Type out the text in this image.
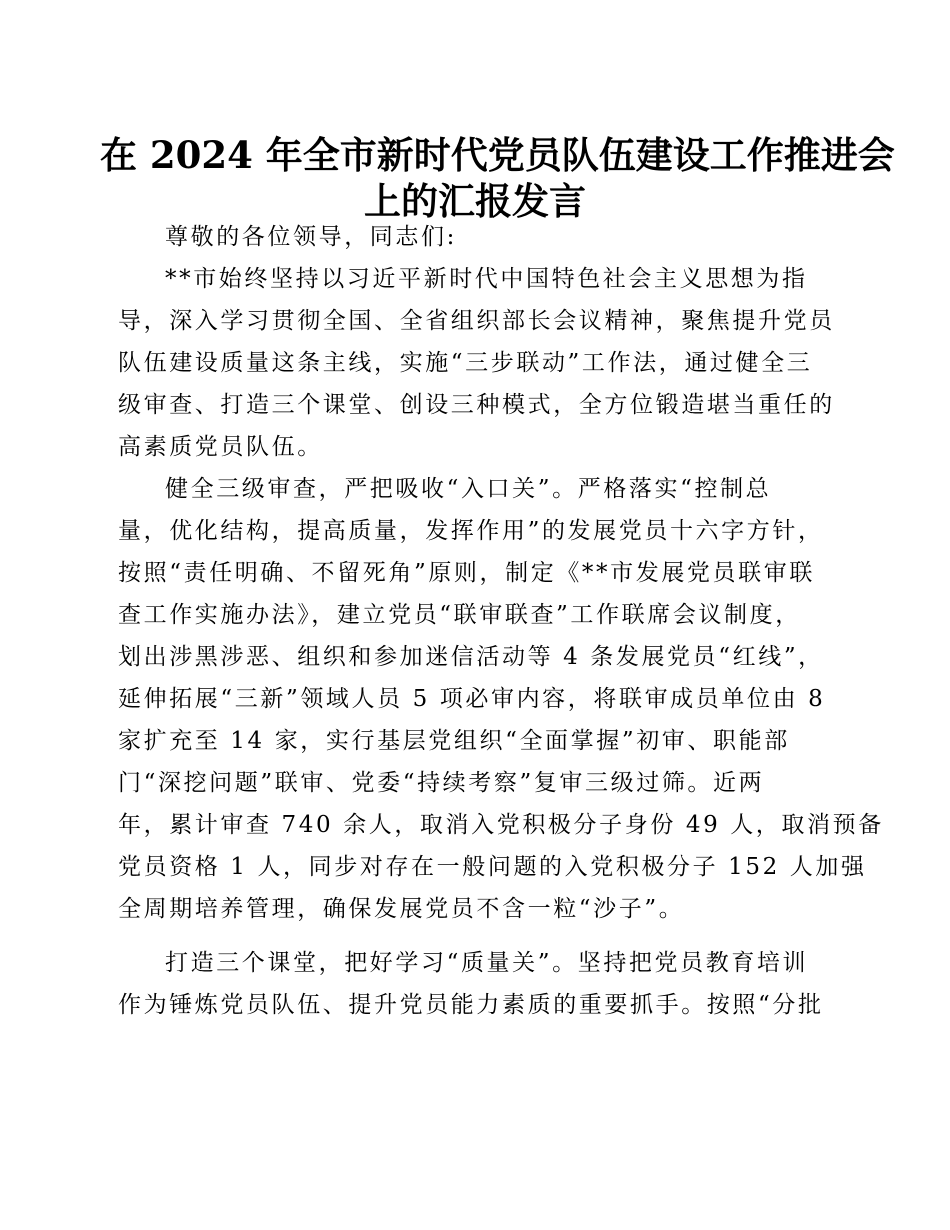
在 2024 年全市新时代党员队伍建设工作推进会
上的汇报发言

尊敬的各位领导，同志们:

**市始终坚持以习近平新时代中国特色社会主义思想为指

导，深入学习贯彻全国、全省组织部长会议精神，聚焦提升党员

队伍建设质量这条主线，实施“三步联动”工作法，通过健全三

级审查、打造三个课堂、创设三种模式，全方位锻造堪当重任的

高素质党员队伍。

健全三级审查，严把吸收“入口关”。严格落实“控制总

量，优化结构，提高质量，发挥作用”的发展党员十六字方针，

按照“责任明确、不留死角”原则，制定《**市发展党员联审联

查工作实施办法》，建立党员“联审联查”工作联席会议制度，

划出涉黑涉恶、组织和参加迷信活动等 4 条发展党员“红线”，

延伸拓展“三新”领域人员 5 项必审内容，将联审成员单位由 8

家扩充至 14 家，实行基层党组织“全面掌握”初审、职能部

门“深挖问题”联审、党委“持续考察”复审三级过筛。近两

年，累计审查 740 余人，取消入党积极分子身份 49 人，取消预备

党员资格 1 人，同步对存在一般问题的入党积极分子 152 人加强

全周期培养管理，确保发展党员不含一粒“沙子”。

打造三个课堂，把好学习“质量关”。坚持把党员教育培训

作为锤炼党员队伍、提升党员能力素质的重要抓手。按照“分批
